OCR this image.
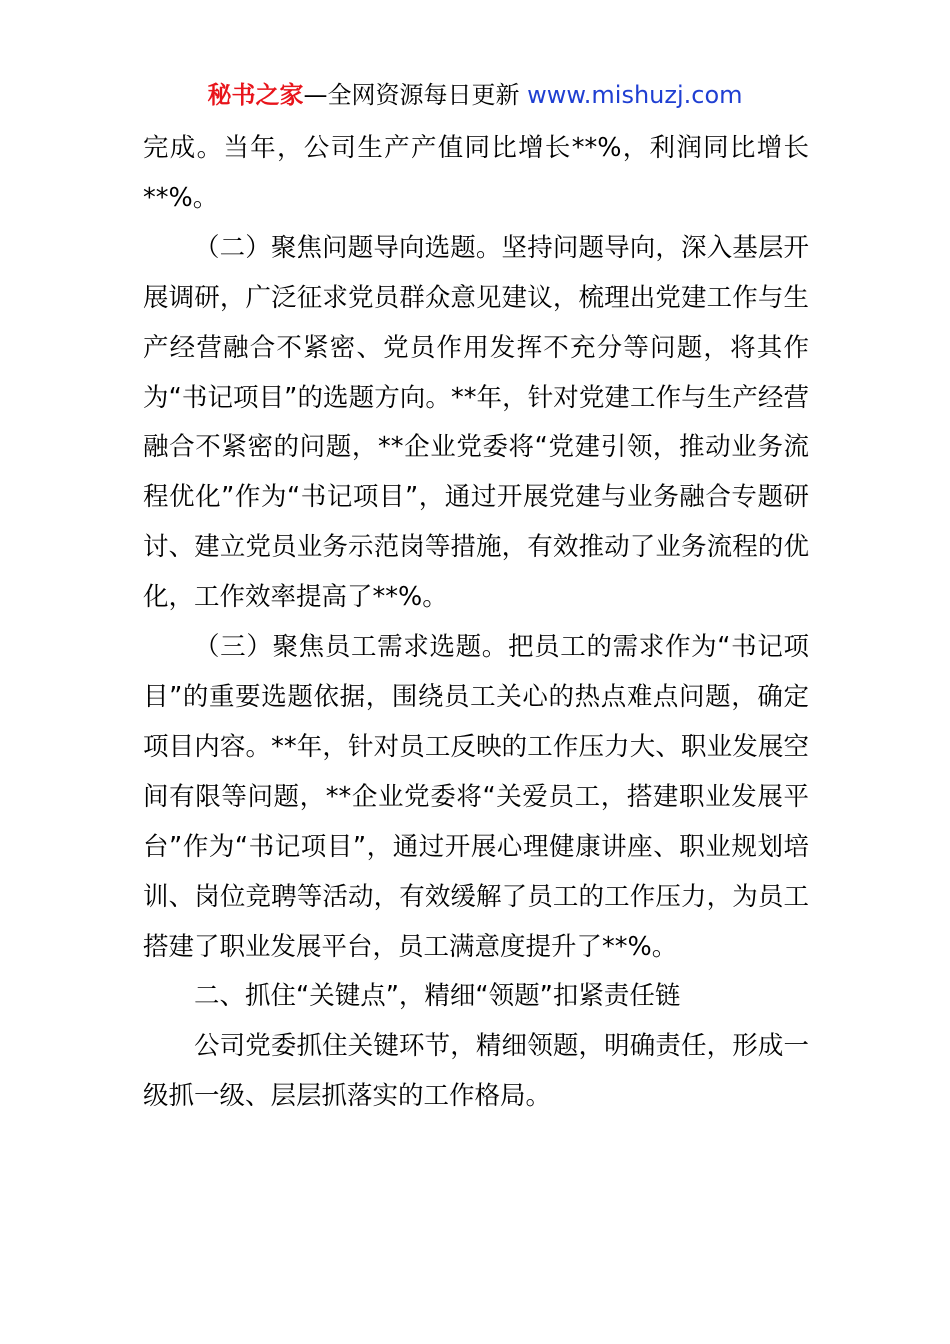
秘书之家—全网资源每日更新 www.mishuzj.com

完成。当年，公司生产产值同比增长**%，利润同比增长**%。

（二）聚焦问题导向选题。坚持问题导向，深入基层开展调研，广泛征求党员群众意见建议，梳理出党建工作与生产经营融合不紧密、党员作用发挥不充分等问题，将其作为“书记项目”的选题方向。**年，针对党建工作与生产经营融合不紧密的问题，**企业党委将“党建引领，推动业务流程优化”作为“书记项目”，通过开展党建与业务融合专题研讨、建立党员业务示范岗等措施，有效推动了业务流程的优化，工作效率提高了**%。

（三）聚焦员工需求选题。把员工的需求作为“书记项目”的重要选题依据，围绕员工关心的热点难点问题，确定项目内容。**年，针对员工反映的工作压力大、职业发展空间有限等问题，**企业党委将“关爱员工，搭建职业发展平台”作为“书记项目”，通过开展心理健康讲座、职业规划培训、岗位竞聘等活动，有效缓解了员工的工作压力，为员工搭建了职业发展平台，员工满意度提升了**%。

二、抓住“关键点”，精细“领题”扣紧责任链

公司党委抓住关键环节，精细领题，明确责任，形成一级抓一级、层层抓落实的工作格局。
